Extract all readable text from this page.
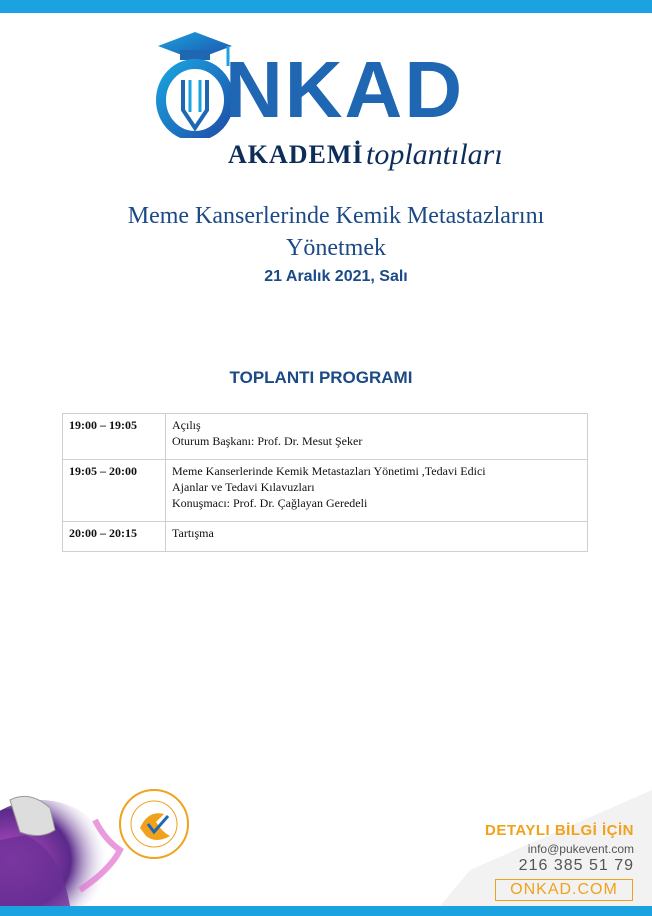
NKAD
AKADEMİ toplantıları
Meme Kanserlerinde Kemik Metastazlarını
Yönetmek
21 Aralık 2021, Salı
TOPLANTI PROGRAMI
19:00 – 19:05	Açılış
Oturum Başkanı: Prof. Dr. Mesut Şeker

19:05 – 20:00	Meme Kanserlerinde Kemik Metastazları Yönetimi ,Tedavi Edici
Ajanlar ve Tedavi Kılavuzları
Konuşmacı: Prof. Dr. Çağlayan Geredeli

20:00 – 20:15	Tartışma
DETAYLI BİLGİ İÇİN
info@pukevent.com
216 385 51 79
ONKAD.COM
